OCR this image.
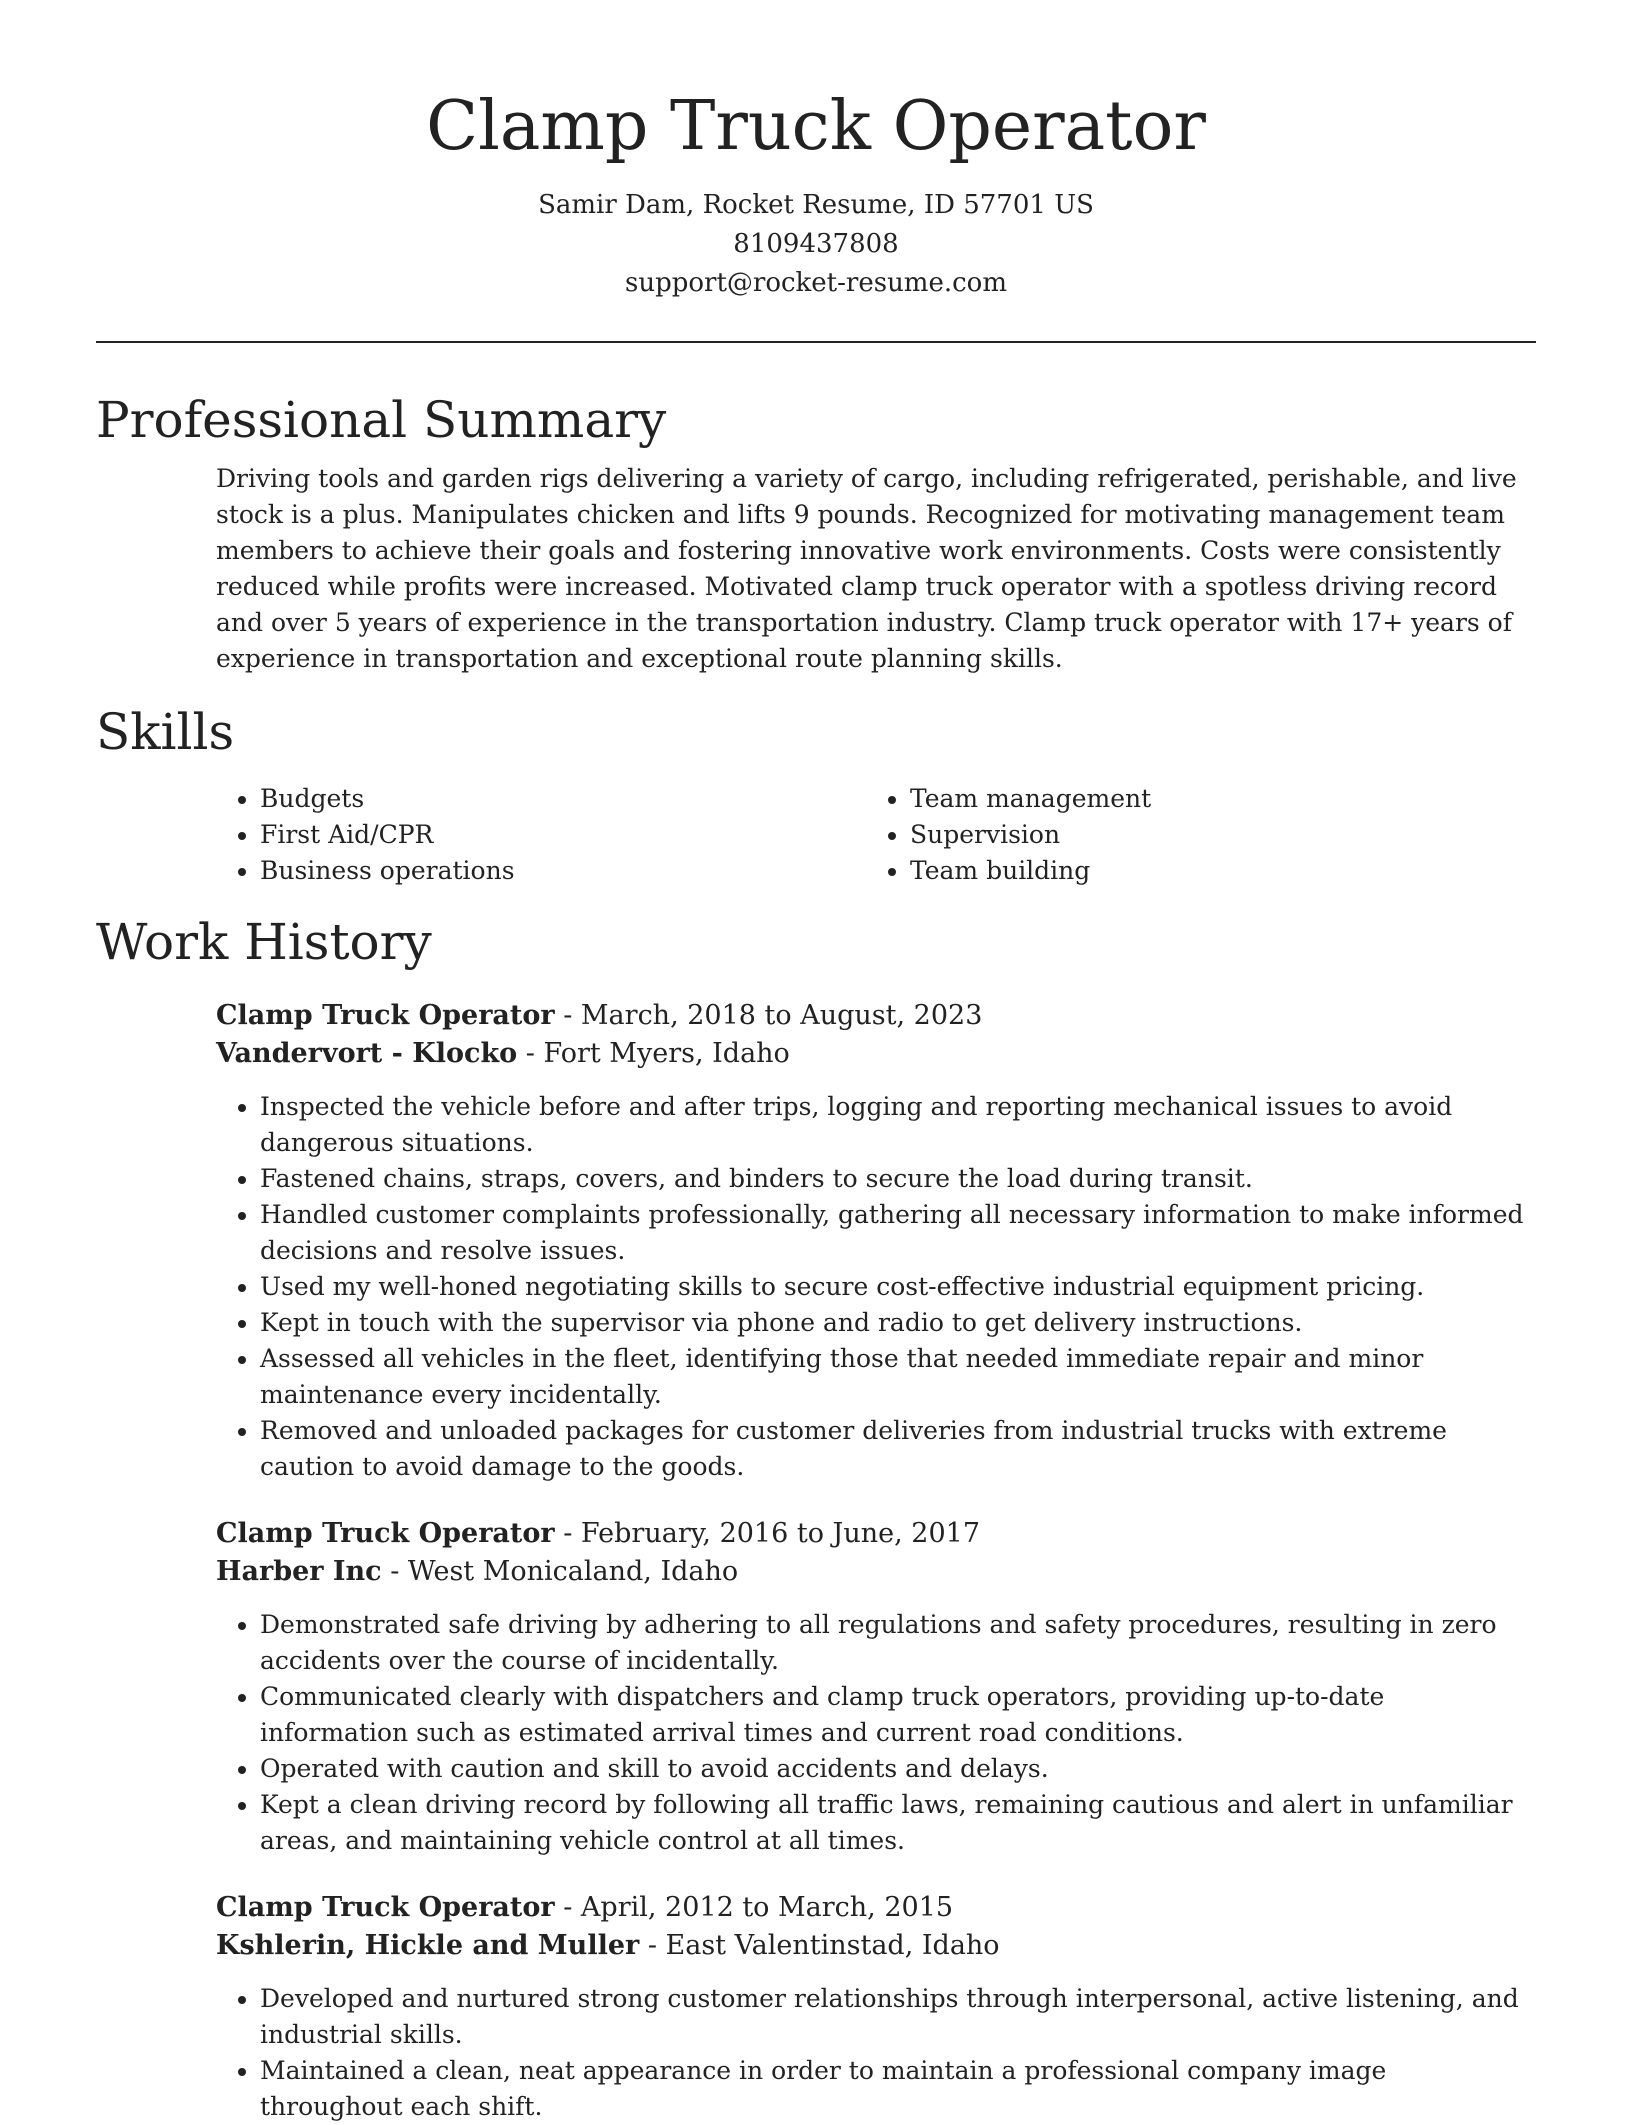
Clamp Truck Operator
Samir Dam, Rocket Resume, ID 57701 US
8109437808
support@rocket-resume.com
Professional Summary

Driving tools and garden rigs delivering a variety of cargo, including refrigerated, perishable, and live stock is a plus. Manipulates chicken and lifts 9 pounds. Recognized for motivating management team members to achieve their goals and fostering innovative work environments. Costs were consistently reduced while profits were increased. Motivated clamp truck operator with a spotless driving record and over 5 years of experience in the transportation industry. Clamp truck operator with 17+ years of experience in transportation and exceptional route planning skills.

Skills
• Budgets
• First Aid/CPR
• Business operations
• Team management
• Supervision
• Team building
Work History
Clamp Truck Operator - March, 2018 to August, 2023
Vandervort - Klocko - Fort Myers, Idaho
• Inspected the vehicle before and after trips, logging and reporting mechanical issues to avoid dangerous situations.
• Fastened chains, straps, covers, and binders to secure the load during transit.
• Handled customer complaints professionally, gathering all necessary information to make informed decisions and resolve issues.
• Used my well-honed negotiating skills to secure cost-effective industrial equipment pricing.
• Kept in touch with the supervisor via phone and radio to get delivery instructions.
• Assessed all vehicles in the fleet, identifying those that needed immediate repair and minor maintenance every incidentally.
• Removed and unloaded packages for customer deliveries from industrial trucks with extreme caution to avoid damage to the goods.
Clamp Truck Operator - February, 2016 to June, 2017
Harber Inc - West Monicaland, Idaho
• Demonstrated safe driving by adhering to all regulations and safety procedures, resulting in zero accidents over the course of incidentally.
• Communicated clearly with dispatchers and clamp truck operators, providing up-to-date information such as estimated arrival times and current road conditions.
• Operated with caution and skill to avoid accidents and delays.
• Kept a clean driving record by following all traffic laws, remaining cautious and alert in unfamiliar areas, and maintaining vehicle control at all times.
Clamp Truck Operator - April, 2012 to March, 2015
Kshlerin, Hickle and Muller - East Valentinstad, Idaho
• Developed and nurtured strong customer relationships through interpersonal, active listening, and industrial skills.
• Maintained a clean, neat appearance in order to maintain a professional company image throughout each shift.
